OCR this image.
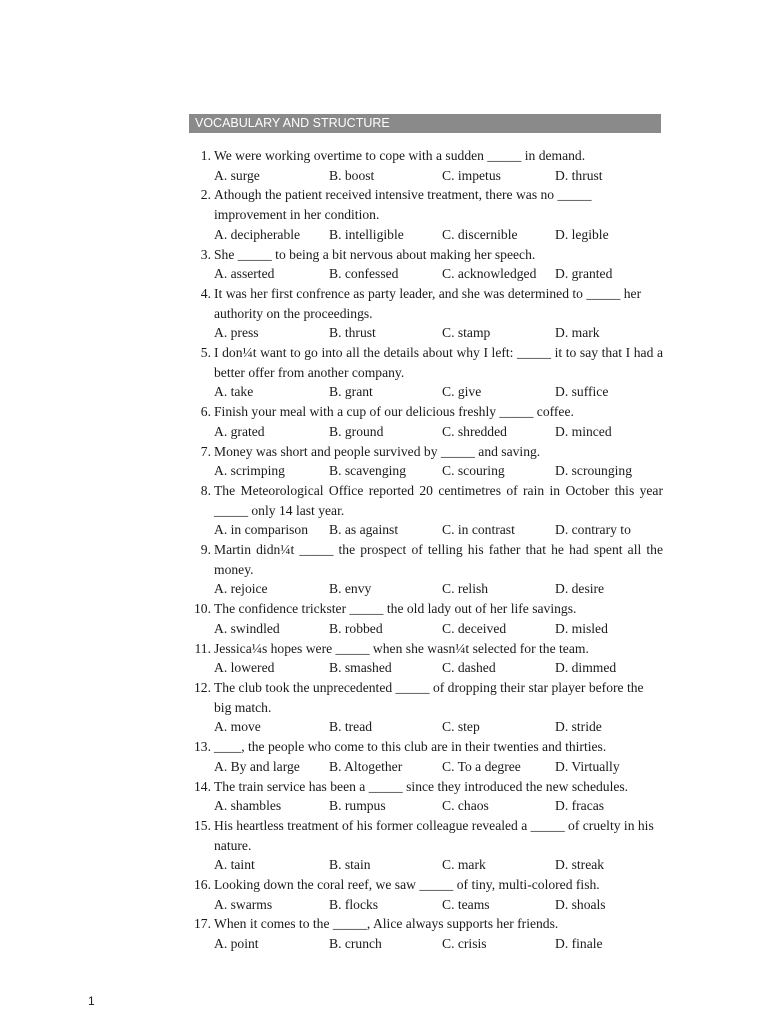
VOCABULARY AND STRUCTURE
1. We were working overtime to cope with a sudden _____ in demand.
A. surge	B. boost	C. impetus	D. thrust
2. Athough the patient received intensive treatment, there was no _____ improvement in her condition.
A. decipherable	B. intelligible	C. discernible	D. legible
3. She _____ to being a bit nervous about making her speech.
A. asserted	B. confessed	C. acknowledged	D. granted
4. It was her first confrence as party leader, and she was determined to _____ her authority on the proceedings.
A. press	B. thrust	C. stamp	D. mark
5. I don¼t want to go into all the details about why I left: _____ it to say that I had a better offer from another company.
A. take	B. grant	C. give	D. suffice
6. Finish your meal with a cup of our delicious freshly _____ coffee.
A. grated	B. ground	C. shredded	D. minced
7. Money was short and people survived by _____ and saving.
A. scrimping	B. scavenging	C. scouring	D. scrounging
8. The Meteorological Office reported 20 centimetres of rain in October this year _____ only 14 last year.
A. in comparison	B. as against	C. in contrast	D. contrary to
9. Martin didn¼t _____ the prospect of telling his father that he had spent all the money.
A. rejoice	B. envy	C. relish	D. desire
10. The confidence trickster _____ the old lady out of her life savings.
A. swindled	B. robbed	C. deceived	D. misled
11. Jessica¼s hopes were _____ when she wasn¼t selected for the team.
A. lowered	B. smashed	C. dashed	D. dimmed
12. The club took the unprecedented _____ of dropping their star player before the big match.
A. move	B. tread	C. step	D. stride
13. ____, the people who come to this club are in their twenties and thirties.
A. By and large	B. Altogether	C. To a degree	D. Virtually
14. The train service has been a _____ since they introduced the new schedules.
A. shambles	B. rumpus	C. chaos	D. fracas
15. His heartless treatment of his former colleague revealed a _____ of cruelty in his nature.
A. taint	B. stain	C. mark	D. streak
16. Looking down the coral reef, we saw _____ of tiny, multi-colored fish.
A. swarms	B. flocks	C. teams	D. shoals
17. When it comes to the _____, Alice always supports her friends.
A. point	B. crunch	C. crisis	D. finale
1
